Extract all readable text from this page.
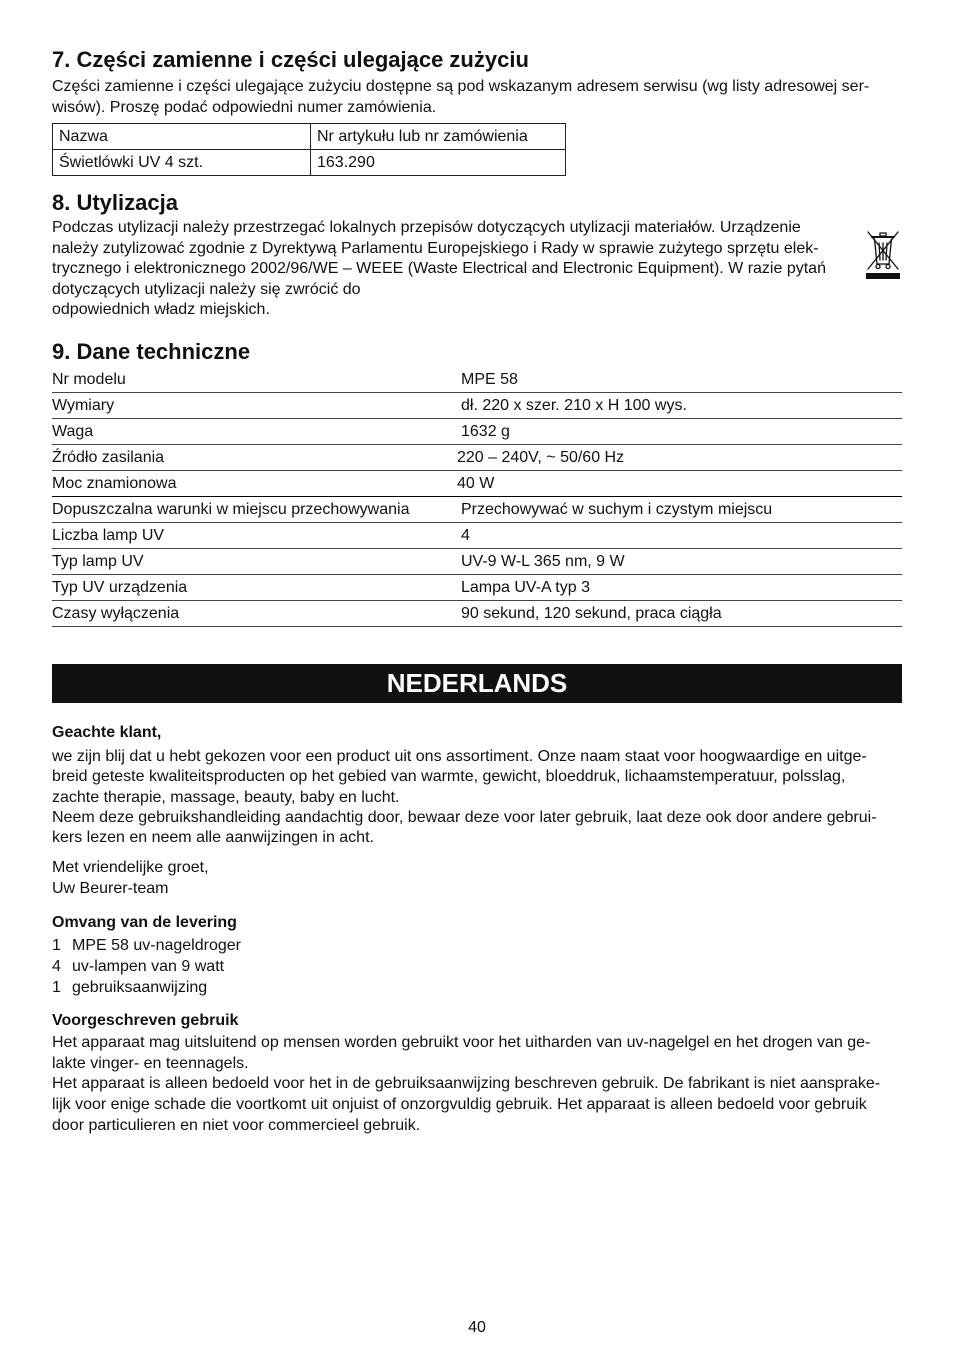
7. Części zamienne i części ulegające zużyciu
Części zamienne i części ulegające zużyciu dostępne są pod wskazanym adresem serwisu (wg listy adresowej ser-
wisów). Proszę podać odpowiedni numer zamówienia.
Nazwa	Nr artykułu lub nr zamówienia
Świetlówki UV 4 szt.	163.290
8. Utylizacja
Podczas utylizacji należy przestrzegać lokalnych przepisów dotyczących utylizacji materiałów. Urządzenie
należy zutylizować zgodnie z Dyrektywą Parlamentu Europejskiego i Rady w sprawie zużytego sprzętu elek-
trycznego i elektronicznego 2002/96/WE – WEEE (Waste Electrical and Electronic Equipment). W razie pytań
dotyczących utylizacji należy się zwrócić do
odpowiednich władz miejskich.
9. Dane techniczne
Nr modelu	MPE 58
Wymiary	dł. 220 x szer. 210 x H 100 wys.
Waga	1632 g
Źródło zasilania	220 – 240V, ~ 50/60 Hz
Moc znamionowa	40 W
Dopuszczalna warunki w miejscu przechowywania	Przechowywać w suchym i czystym miejscu
Liczba lamp UV	4
Typ lamp UV	UV-9 W-L 365 nm, 9 W
Typ UV urządzenia	Lampa UV-A typ 3
Czasy wyłączenia	90 sekund, 120 sekund, praca ciągła
NEDERLANDS
Geachte klant,
we zijn blij dat u hebt gekozen voor een product uit ons assortiment. Onze naam staat voor hoogwaardige en uitge-
breid geteste kwaliteitsproducten op het gebied van warmte, gewicht, bloeddruk, lichaamstemperatuur, polsslag,
zachte therapie, massage, beauty, baby en lucht.
Neem deze gebruikshandleiding aandachtig door, bewaar deze voor later gebruik, laat deze ook door andere gebrui-
kers lezen en neem alle aanwijzingen in acht.
Met vriendelijke groet,
Uw Beurer-team
Omvang van de levering
1 MPE 58 uv-nageldroger
4 uv-lampen van 9 watt
1 gebruiksaanwijzing
Voorgeschreven gebruik
Het apparaat mag uitsluitend op mensen worden gebruikt voor het uitharden van uv-nagelgel en het drogen van ge-
lakte vinger- en teennagels.
Het apparaat is alleen bedoeld voor het in de gebruiksaanwijzing beschreven gebruik. De fabrikant is niet aansprake-
lijk voor enige schade die voortkomt uit onjuist of onzorgvuldig gebruik. Het apparaat is alleen bedoeld voor gebruik
door particulieren en niet voor commercieel gebruik.
40
